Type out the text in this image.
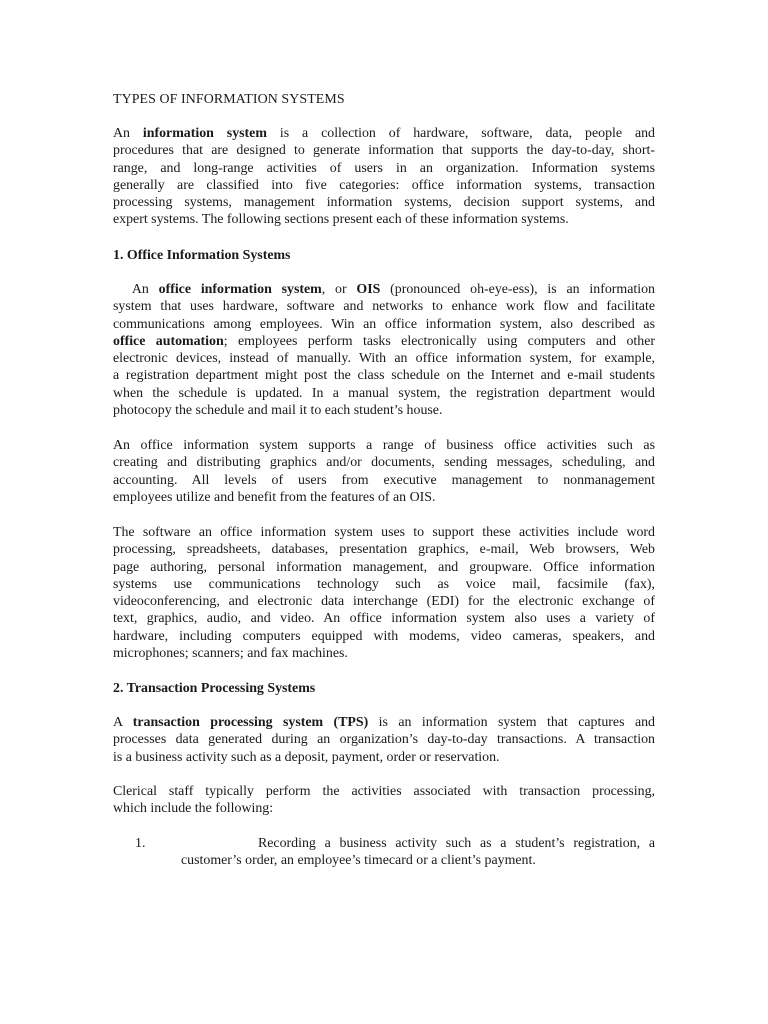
TYPES OF INFORMATION SYSTEMS
An information system is a collection of hardware, software, data, people and
procedures that are designed to generate information that supports the day-to-day, short-
range, and long-range activities of users in an organization. Information systems
generally are classified into five categories: office information systems, transaction
processing systems, management information systems, decision support systems, and
expert systems. The following sections present each of these information systems.
1. Office Information Systems
An office information system, or OIS (pronounced oh-eye-ess), is an information
system that uses hardware, software and networks to enhance work flow and facilitate
communications among employees. Win an office information system, also described as
office automation; employees perform tasks electronically using computers and other
electronic devices, instead of manually. With an office information system, for example,
a registration department might post the class schedule on the Internet and e-mail students
when the schedule is updated. In a manual system, the registration department would
photocopy the schedule and mail it to each student’s house.
An office information system supports a range of business office activities such as
creating and distributing graphics and/or documents, sending messages, scheduling, and
accounting. All levels of users from executive management to nonmanagement
employees utilize and benefit from the features of an OIS.
The software an office information system uses to support these activities include word
processing, spreadsheets, databases, presentation graphics, e-mail, Web browsers, Web
page authoring, personal information management, and groupware. Office information
systems use communications technology such as voice mail, facsimile (fax),
videoconferencing, and electronic data interchange (EDI) for the electronic exchange of
text, graphics, audio, and video. An office information system also uses a variety of
hardware, including computers equipped with modems, video cameras, speakers, and
microphones; scanners; and fax machines.
2. Transaction Processing Systems
A transaction processing system (TPS) is an information system that captures and
processes data generated during an organization’s day-to-day transactions. A transaction
is a business activity such as a deposit, payment, order or reservation.
Clerical staff typically perform the activities associated with transaction processing,
which include the following:
1.	Recording a business activity such as a student’s registration, a
customer’s order, an employee’s timecard or a client’s payment.
